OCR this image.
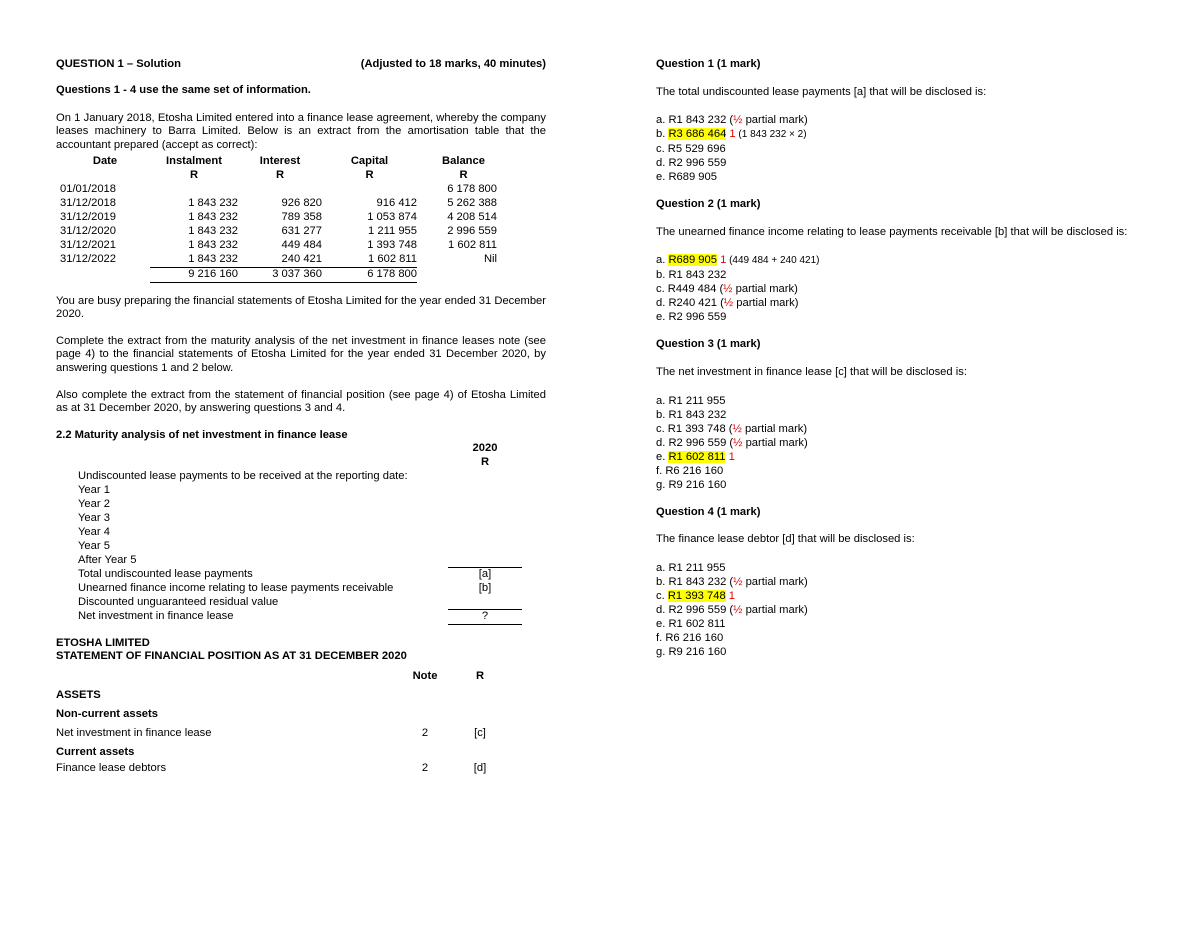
QUESTION 1 – Solution	(Adjusted to 18 marks, 40 minutes)

Questions 1 - 4 use the same set of information.

On 1 January 2018, Etosha Limited entered into a finance lease agreement, whereby the company leases machinery to Barra Limited. Below is an extract from the amortisation table that the accountant prepared (accept as correct):

Date	Instalment	Interest	Capital	Balance
	R	R	R	R
01/01/2018				6 178 800
31/12/2018	1 843 232	926 820	916 412	5 262 388
31/12/2019	1 843 232	789 358	1 053 874	4 208 514
31/12/2020	1 843 232	631 277	1 211 955	2 996 559
31/12/2021	1 843 232	449 484	1 393 748	1 602 811
31/12/2022	1 843 232	240 421	1 602 811	Nil
	9 216 160	3 037 360	6 178 800	

You are busy preparing the financial statements of Etosha Limited for the year ended 31 December 2020.

Complete the extract from the maturity analysis of the net investment in finance leases note (see page 4) to the financial statements of Etosha Limited for the year ended 31 December 2020, by answering questions 1 and 2 below.

Also complete the extract from the statement of financial position (see page 4) of Etosha Limited as at 31 December 2020, by answering questions 3 and 4.

2.2 Maturity analysis of net investment in finance lease

	2020
	R
Undiscounted lease payments to be received at the reporting date:	
Year 1	
Year 2	
Year 3	
Year 4	
Year 5	
After Year 5	
Total undiscounted lease payments	[a]
Unearned finance income relating to lease payments receivable	[b]
Discounted unguaranteed residual value	
Net investment in finance lease	?

ETOSHA LIMITED

STATEMENT OF FINANCIAL POSITION AS AT 31 DECEMBER 2020

	Note	R
ASSETS		
Non-current assets		
Net investment in finance lease	2	[c]
Current assets		
Finance lease debtors	2	[d]

Question 1 (1 mark)

The total undiscounted lease payments [a] that will be disclosed is:

a. R1 843 232 (½ partial mark)

b. R3 686 464 1 (1 843 232 × 2)

c. R5 529 696

d. R2 996 559

e. R689 905

Question 2 (1 mark)

The unearned finance income relating to lease payments receivable [b] that will be disclosed is:

a. R689 905 1 (449 484 + 240 421)

b. R1 843 232

c. R449 484 (½ partial mark)

d. R240 421 (½ partial mark)

e. R2 996 559

Question 3 (1 mark)

The net investment in finance lease [c] that will be disclosed is:

a. R1 211 955

b. R1 843 232

c. R1 393 748 (½ partial mark)

d. R2 996 559 (½ partial mark)

e. R1 602 811 1

f. R6 216 160

g. R9 216 160

Question 4 (1 mark)

The finance lease debtor [d] that will be disclosed is:

a. R1 211 955

b. R1 843 232 (½ partial mark)

c. R1 393 748 1

d. R2 996 559 (½ partial mark)

e. R1 602 811

f. R6 216 160

g. R9 216 160
